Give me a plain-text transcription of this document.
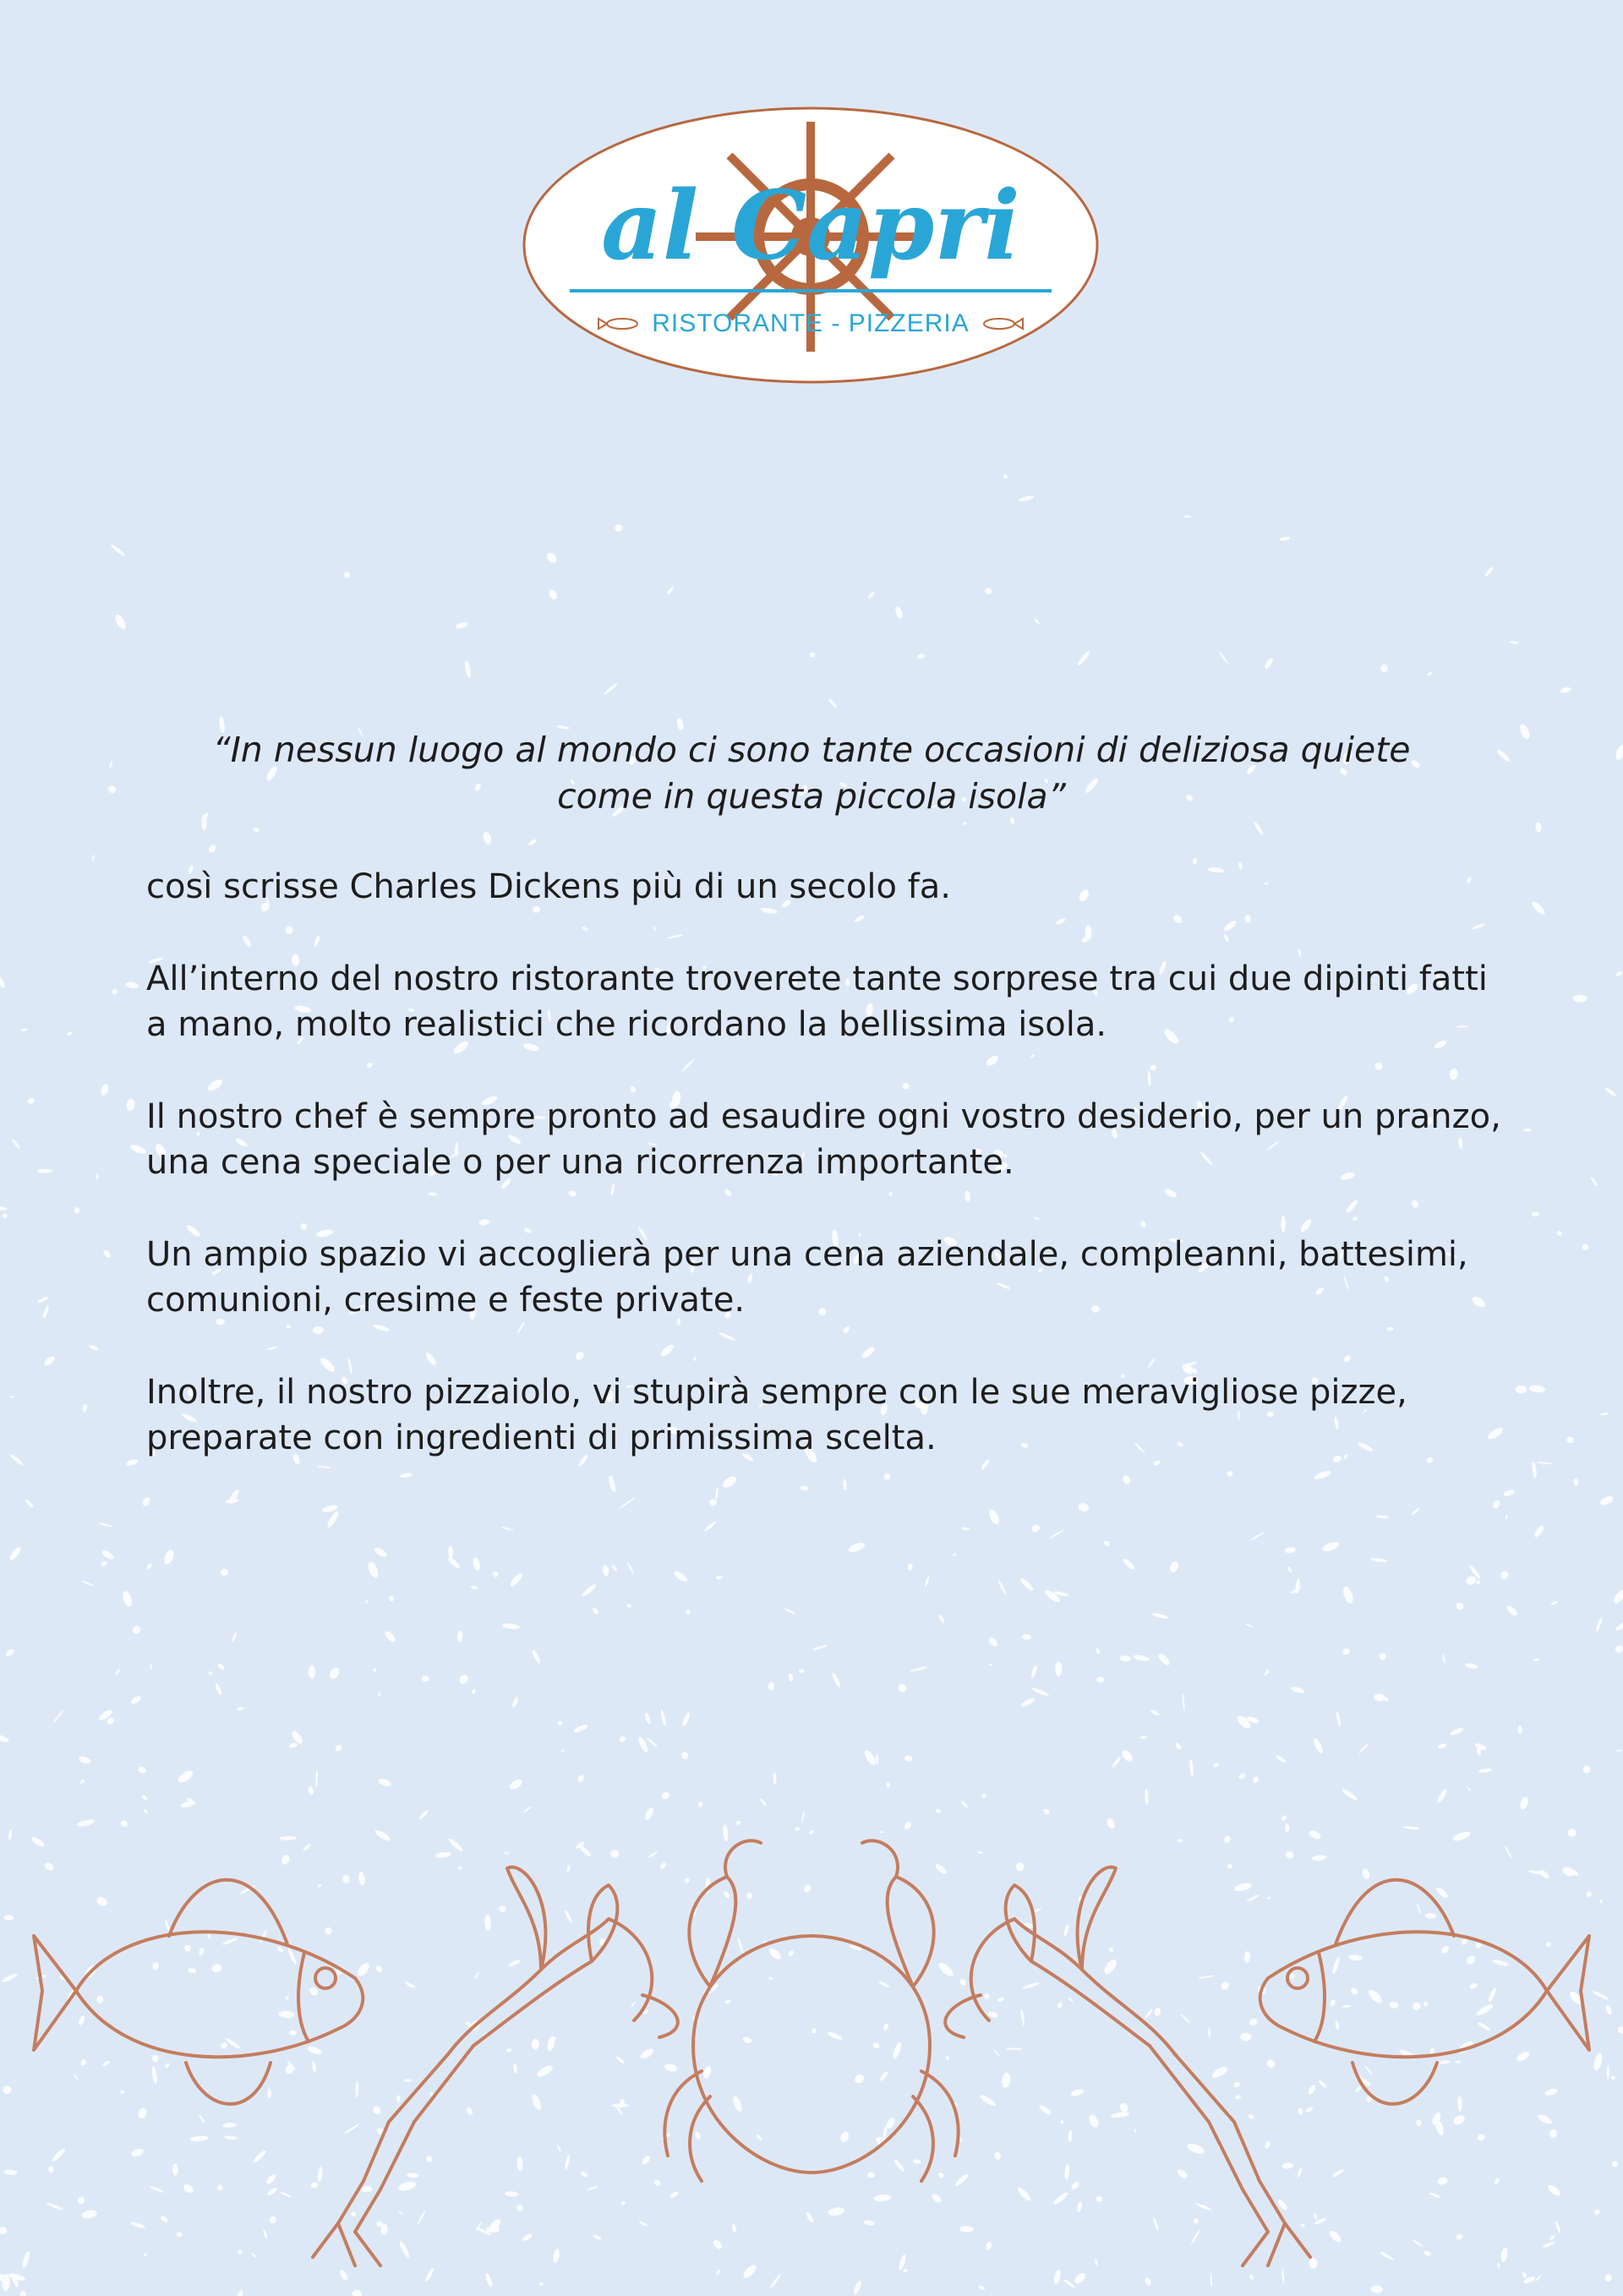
al Capri
RISTORANTE - PIZZERIA
“In nessun luogo al mondo ci sono tante occasioni di deliziosa quiete
come in questa piccola isola”

così scrisse Charles Dickens più di un secolo fa.

All’interno del nostro ristorante troverete tante sorprese tra cui due dipinti fatti a mano, molto realistici che ricordano la bellissima isola.

Il nostro chef è sempre pronto ad esaudire ogni vostro desiderio, per un pranzo, una cena speciale o per una ricorrenza importante.

Un ampio spazio vi accoglierà per una cena aziendale, compleanni, battesimi, comunioni, cresime e feste private.

Inoltre, il nostro pizzaiolo, vi stupirà sempre con le sue meravigliose pizze, preparate con ingredienti di primissima scelta.
